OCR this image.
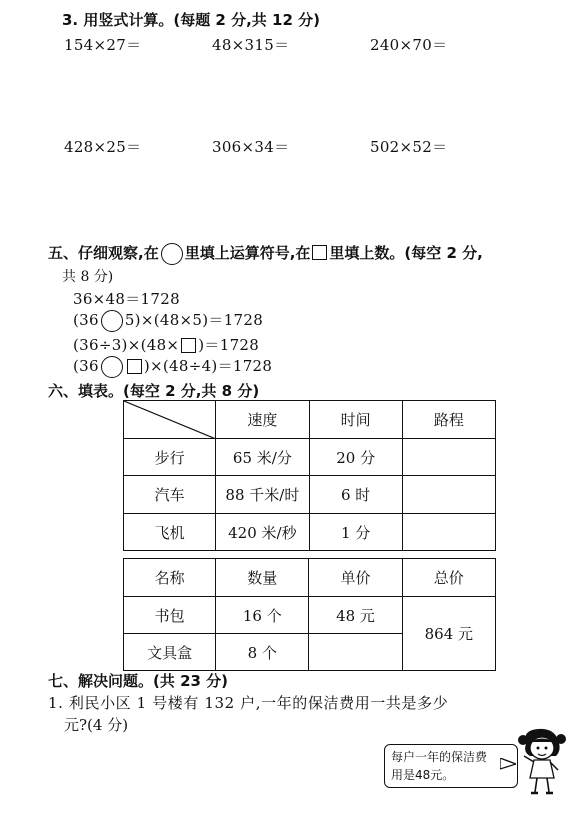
3. 用竖式计算。(每题 2 分,共 12 分)
154×27＝	48×315＝	240×70＝
428×25＝	306×34＝	502×52＝
五、仔细观察,在 里填上运算符号,在 里填上数。(每空 2 分,
共 8 分)
36×48＝1728
(36 5)×(48×5)＝1728
(36÷3)×(48× )＝1728
(36	)×(48÷4)＝1728
六、填表。(每空 2 分,共 8 分)
	速度	时间	路程
步行	65 米/分	20 分	
汽车	88 千米/时	6 时	
飞机	420 米/秒	1 分	
名称	数量	单价	总价
书包	16 个	48 元	864 元
文具盒	8 个		
七、解决问题。(共 23 分)
1. 利民小区 1 号楼有 132 户,一年的保洁费用一共是多少
元?(4 分)
每户一年的保洁费
用是48元。
